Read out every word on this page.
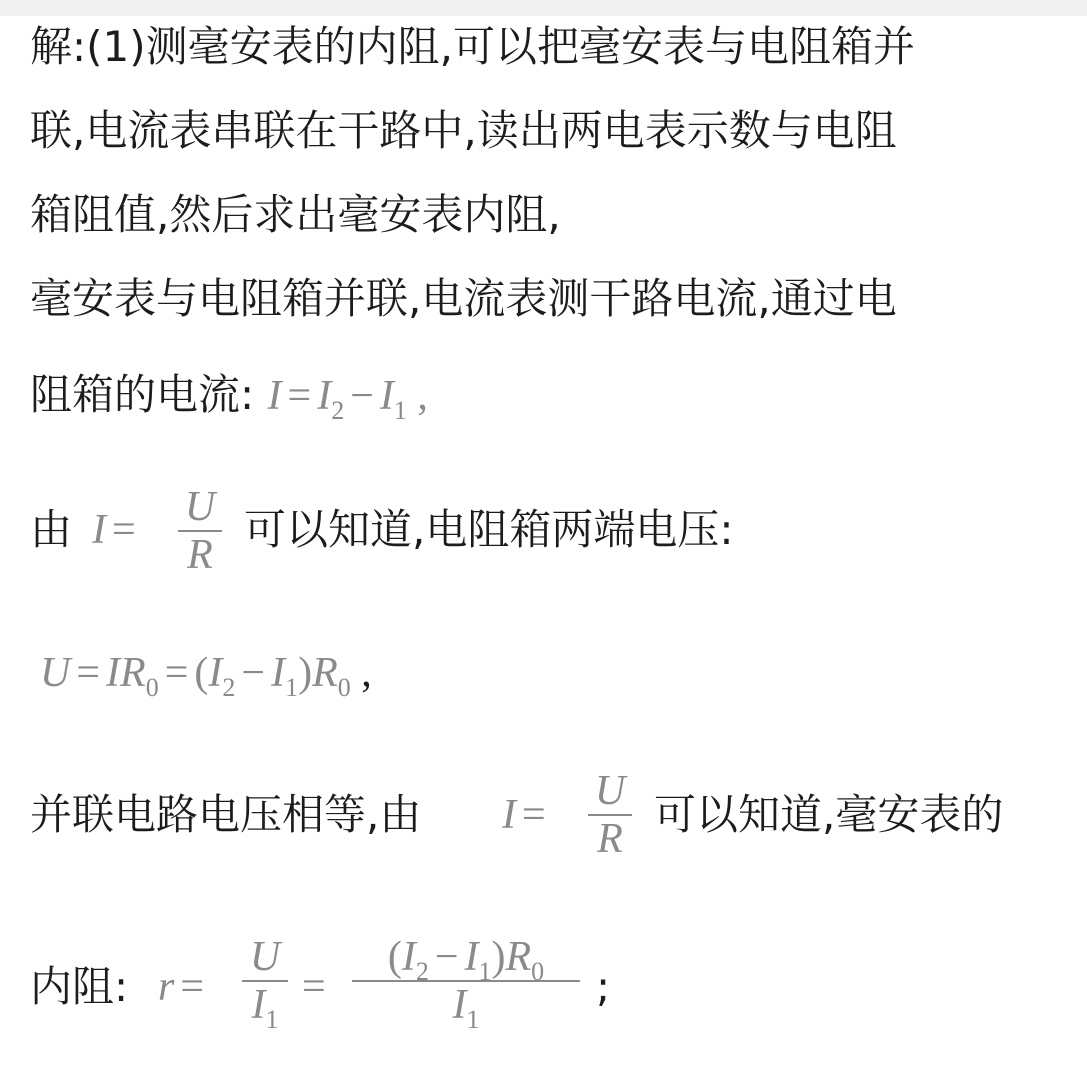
解:(1)测毫安表的内阻,可以把毫安表与电阻箱并
联,电流表串联在干路中,读出两电表示数与电阻
箱阻值,然后求出毫安表内阻,
毫安表与电阻箱并联,电流表测干路电流,通过电
阻箱的电流: $I = I_2 - I_1$ ,
由 I = U
R
可以知道,电阻箱两端电压:
$U = IR_0 = (I_2 - I_1)R_0$ ,
并联电路电压相等,由 I =
U
R 可以知道,毫安表的
内阻: r =
U
$I_1$
=
$(I_2 - I_1)R_0$
$I_1$
;
